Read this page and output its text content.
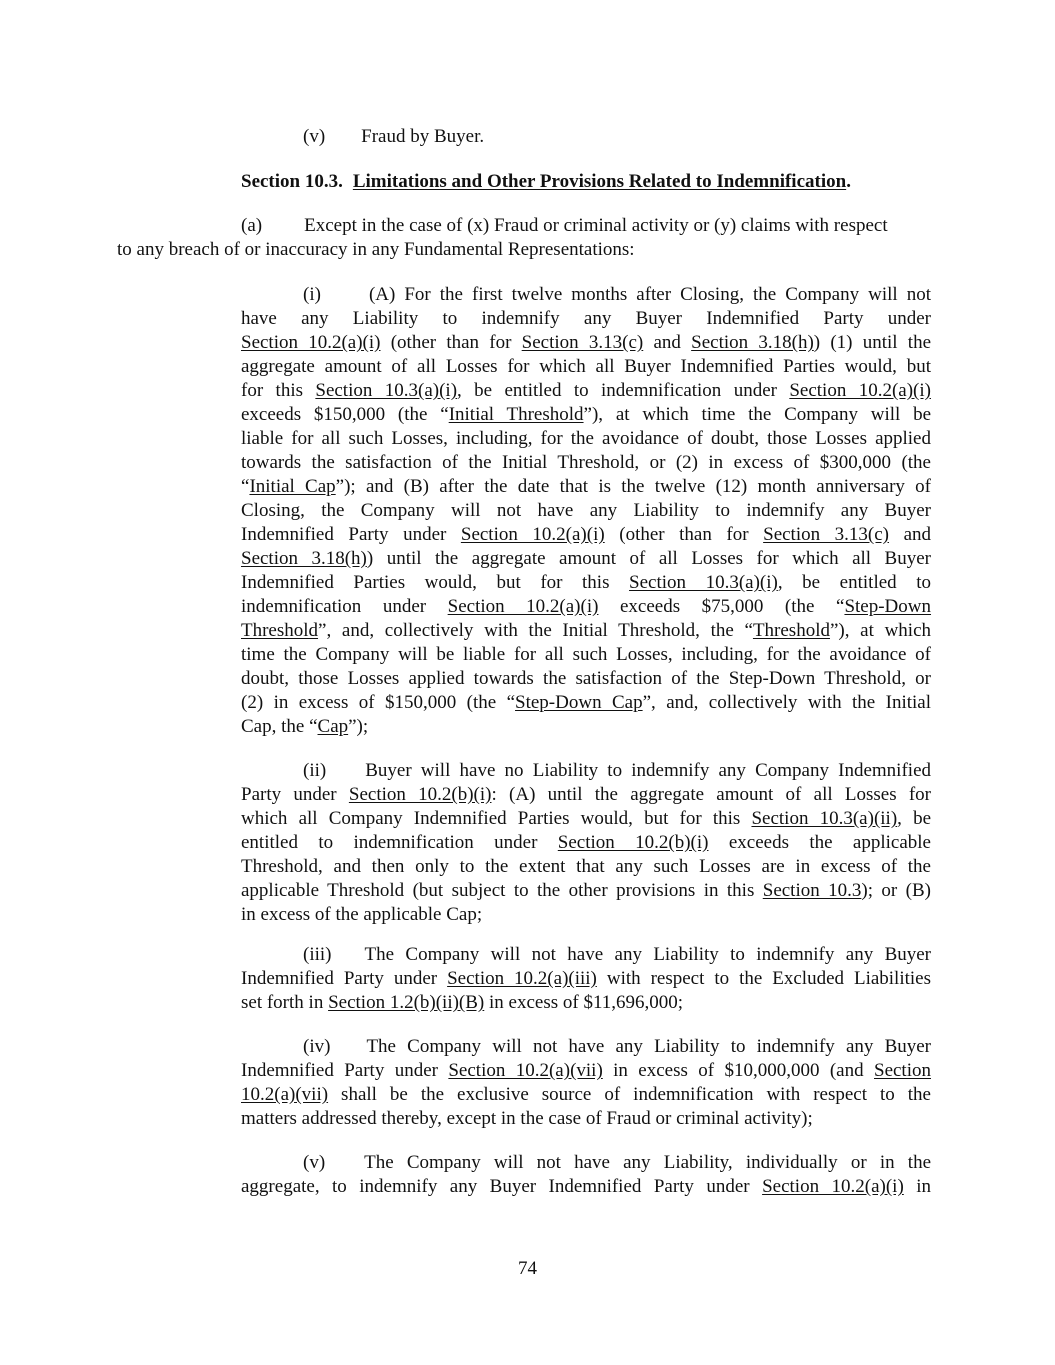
(v) Fraud by Buyer.

Section 10.3. Limitations and Other Provisions Related to Indemnification.

(a) Except in the case of (x) Fraud or criminal activity or (y) claims with respect

to any breach of or inaccuracy in any Fundamental Representations:

(i)	(A) For the first twelve months after Closing, the Company will not

have any Liability to indemnify any Buyer Indemnified Party under

Section 10.2(a)(i) (other than for Section 3.13(c) and Section 3.18(h)) (1) until the

aggregate amount of all Losses for which all Buyer Indemnified Parties would, but

for this Section 10.3(a)(i), be entitled to indemnification under Section 10.2(a)(i)

exceeds $150,000 (the “Initial Threshold”), at which time the Company will be

liable for all such Losses, including, for the avoidance of doubt, those Losses applied

towards the satisfaction of the Initial Threshold, or (2) in excess of $300,000 (the

“Initial Cap”); and (B) after the date that is the twelve (12) month anniversary of

Closing, the Company will not have any Liability to indemnify any Buyer

Indemnified Party under Section 10.2(a)(i) (other than for Section 3.13(c) and

Section 3.18(h)) until the aggregate amount of all Losses for which all Buyer

Indemnified Parties would, but for this Section 10.3(a)(i), be entitled to

indemnification under Section 10.2(a)(i) exceeds $75,000 (the “Step-Down

Threshold”, and, collectively with the Initial Threshold, the “Threshold”), at which

time the Company will be liable for all such Losses, including, for the avoidance of

doubt, those Losses applied towards the satisfaction of the Step-Down Threshold, or

(2) in excess of $150,000 (the “Step-Down Cap”, and, collectively with the Initial

Cap, the “Cap”);

(ii) Buyer will have no Liability to indemnify any Company Indemnified

Party under Section 10.2(b)(i): (A) until the aggregate amount of all Losses for

which all Company Indemnified Parties would, but for this Section 10.3(a)(ii), be

entitled to indemnification under Section 10.2(b)(i) exceeds the applicable

Threshold, and then only to the extent that any such Losses are in excess of the

applicable Threshold (but subject to the other provisions in this Section 10.3); or (B)

in excess of the applicable Cap;

(iii) The Company will not have any Liability to indemnify any Buyer

Indemnified Party under Section 10.2(a)(iii) with respect to the Excluded Liabilities

set forth in Section 1.2(b)(ii)(B) in excess of $11,696,000;

(iv) The Company will not have any Liability to indemnify any Buyer

Indemnified Party under Section 10.2(a)(vii) in excess of $10,000,000 (and Section

10.2(a)(vii) shall be the exclusive source of indemnification with respect to the

matters addressed thereby, except in the case of Fraud or criminal activity);

(v) The Company will not have any Liability, individually or in the

aggregate, to indemnify any Buyer Indemnified Party under Section 10.2(a)(i) in

74
